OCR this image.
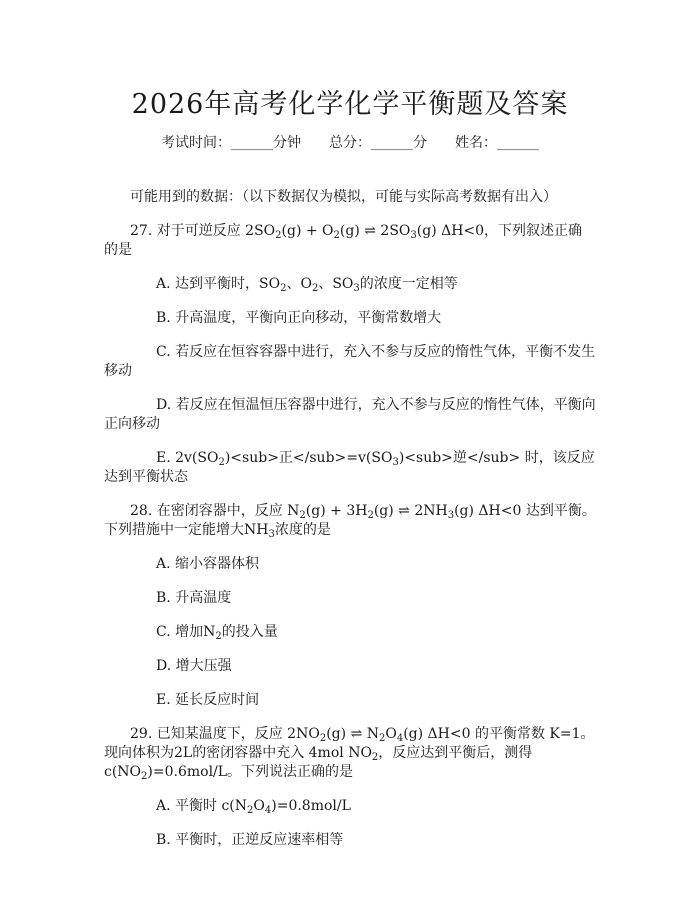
2026年高考化学化学平衡题及答案
考试时间：______分钟 总分：______分 姓名：______

可能用到的数据：（以下数据仅为模拟，可能与实际高考数据有出入）

27. 对于可逆反应 $2SO_2(g) + O_2(g)$ ⇌ $2SO_3(g)$ ΔH<0，下列叙述正确的是

A. 达到平衡时，$SO_2$、$O_2$、$SO_3$的浓度一定相等

B. 升高温度，平衡向正向移动，平衡常数增大

C. 若反应在恒容容器中进行，充入不参与反应的惰性气体，平衡不发生移动

D. 若反应在恒温恒压容器中进行，充入不参与反应的惰性气体，平衡向正向移动

E. $2v(SO_2)<sub>$正$</sub>=v(SO_3)<sub>$逆</sub> 时，该反应达到平衡状态

28. 在密闭容器中，反应 $N_2(g) + 3H_2(g)$ ⇌ $2NH_3(g)$ ΔH<0 达到平衡。下列措施中一定能增大$NH_3$浓度的是

A. 缩小容器体积

B. 升高温度

C. 增加$N_2$的投入量

D. 增大压强

E. 延长反应时间

29. 已知某温度下，反应 $2NO_2(g)$ ⇌ $N_2O_4(g)$ ΔH<0 的平衡常数 K=1。现向体积为2L的密闭容器中充入 4mol $NO_2$，反应达到平衡后，测得$c(NO_2)=0.6mol/L$。下列说法正确的是

A. 平衡时 $c(N_2O_4)=0.8mol/L$

B. 平衡时，正逆反应速率相等
